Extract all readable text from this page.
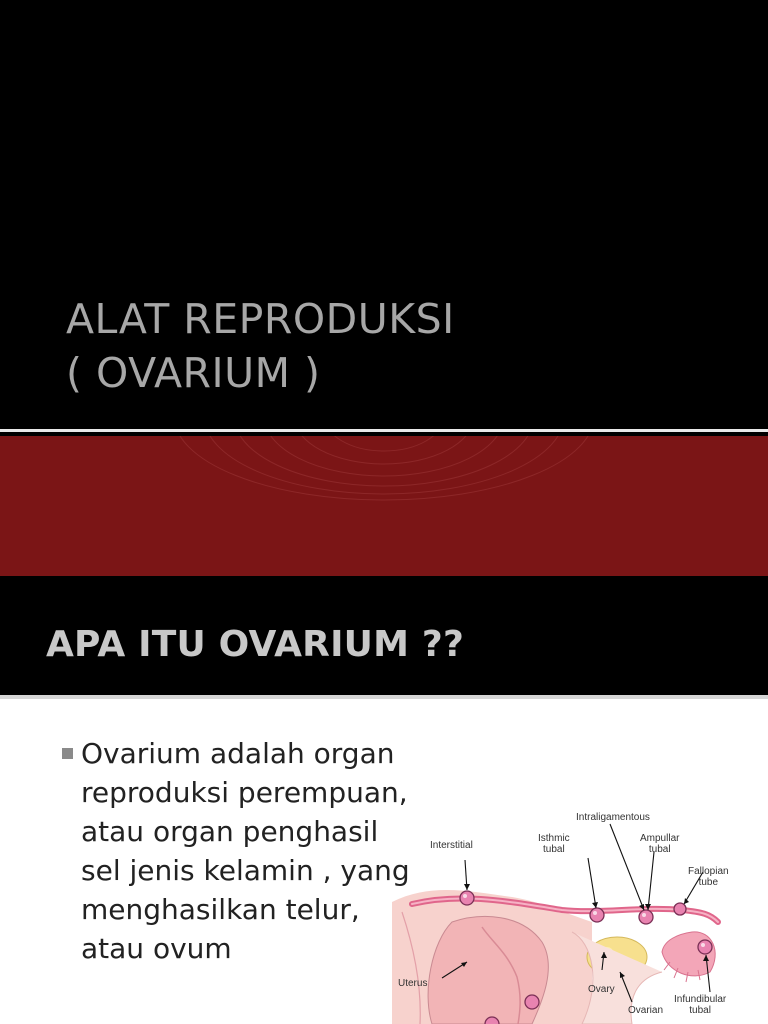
ALAT REPRODUKSI
( OVARIUM )
APA ITU OVARIUM ??
Ovarium adalah organ reproduksi perempuan, atau organ penghasil sel jenis kelamin , yang menghasilkan telur, atau ovum
Intraligamentous
Interstitial
Isthmic
tubal
Ampullar
tubal
Fallopian
tube
Uterus
Ovary
Ovarian
Infundibular
tubal
